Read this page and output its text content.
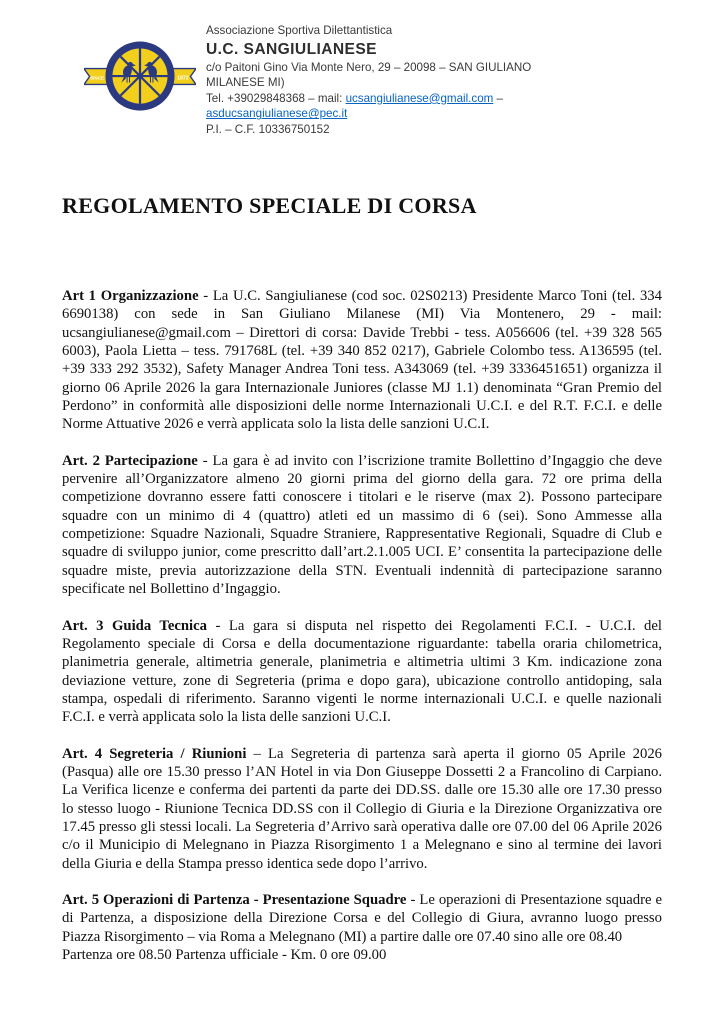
SINCE	1872
Associazione Sportiva Dilettantistica
U.C. SANGIULIANESE
c/o Paitoni Gino Via Monte Nero, 29 – 20098 – SAN GIULIANO MILANESE MI)
Tel. +39029848368 – mail: ucsangiulianese@gmail.com –
asducsangiulianese@pec.it
P.I. – C.F. 10336750152
REGOLAMENTO SPECIALE DI CORSA

Art 1 Organizzazione - La U.C. Sangiulianese (cod soc. 02S0213) Presidente Marco Toni (tel. 334 6690138) con sede in San Giuliano Milanese (MI) Via Montenero, 29 - mail: ucsangiulianese@gmail.com – Direttori di corsa: Davide Trebbi - tess. A056606 (tel. +39 328 565 6003), Paola Lietta – tess. 791768L (tel. +39 340 852 0217), Gabriele Colombo tess. A136595 (tel. +39 333 292 3532), Safety Manager Andrea Toni tess. A343069 (tel. +39 3336451651) organizza il giorno 06 Aprile 2026 la gara Internazionale Juniores (classe MJ 1.1) denominata “Gran Premio del Perdono” in conformità alle disposizioni delle norme Internazionali U.C.I. e del R.T. F.C.I. e delle Norme Attuative 2026 e verrà applicata solo la lista delle sanzioni U.C.I.

Art. 2 Partecipazione - La gara è ad invito con l’iscrizione tramite Bollettino d’Ingaggio che deve pervenire all’Organizzatore almeno 20 giorni prima del giorno della gara. 72 ore prima della competizione dovranno essere fatti conoscere i titolari e le riserve (max 2). Possono partecipare squadre con un minimo di 4 (quattro) atleti ed un massimo di 6 (sei). Sono Ammesse alla competizione: Squadre Nazionali, Squadre Straniere, Rappresentative Regionali, Squadre di Club e squadre di sviluppo junior, come prescritto dall’art.2.1.005 UCI. E’ consentita la partecipazione delle squadre miste, previa autorizzazione della STN. Eventuali indennità di partecipazione saranno specificate nel Bollettino d’Ingaggio.

Art. 3 Guida Tecnica - La gara si disputa nel rispetto dei Regolamenti F.C.I. - U.C.I. del Regolamento speciale di Corsa e della documentazione riguardante: tabella oraria chilometrica, planimetria generale, altimetria generale, planimetria e altimetria ultimi 3 Km. indicazione zona deviazione vetture, zone di Segreteria (prima e dopo gara), ubicazione controllo antidoping, sala stampa, ospedali di riferimento. Saranno vigenti le norme internazionali U.C.I. e quelle nazionali F.C.I. e verrà applicata solo la lista delle sanzioni U.C.I.

Art. 4 Segreteria / Riunioni – La Segreteria di partenza sarà aperta il giorno 05 Aprile 2026 (Pasqua) alle ore 15.30 presso l’AN Hotel in via Don Giuseppe Dossetti 2 a Francolino di Carpiano. La Verifica licenze e conferma dei partenti da parte dei DD.SS. dalle ore 15.30 alle ore 17.30 presso lo stesso luogo - Riunione Tecnica DD.SS con il Collegio di Giuria e la Direzione Organizzativa ore 17.45 presso gli stessi locali. La Segreteria d’Arrivo sarà operativa dalle ore 07.00 del 06 Aprile 2026 c/o il Municipio di Melegnano in Piazza Risorgimento 1 a Melegnano e sino al termine dei lavori della Giuria e della Stampa presso identica sede dopo l’arrivo.

Art. 5 Operazioni di Partenza - Presentazione Squadre - Le operazioni di Presentazione squadre e di Partenza, a disposizione della Direzione Corsa e del Collegio di Giura, avranno luogo presso Piazza Risorgimento – via Roma a Melegnano (MI) a partire dalle ore 07.40 sino alle ore 08.40
Partenza ore 08.50 Partenza ufficiale - Km. 0 ore 09.00
